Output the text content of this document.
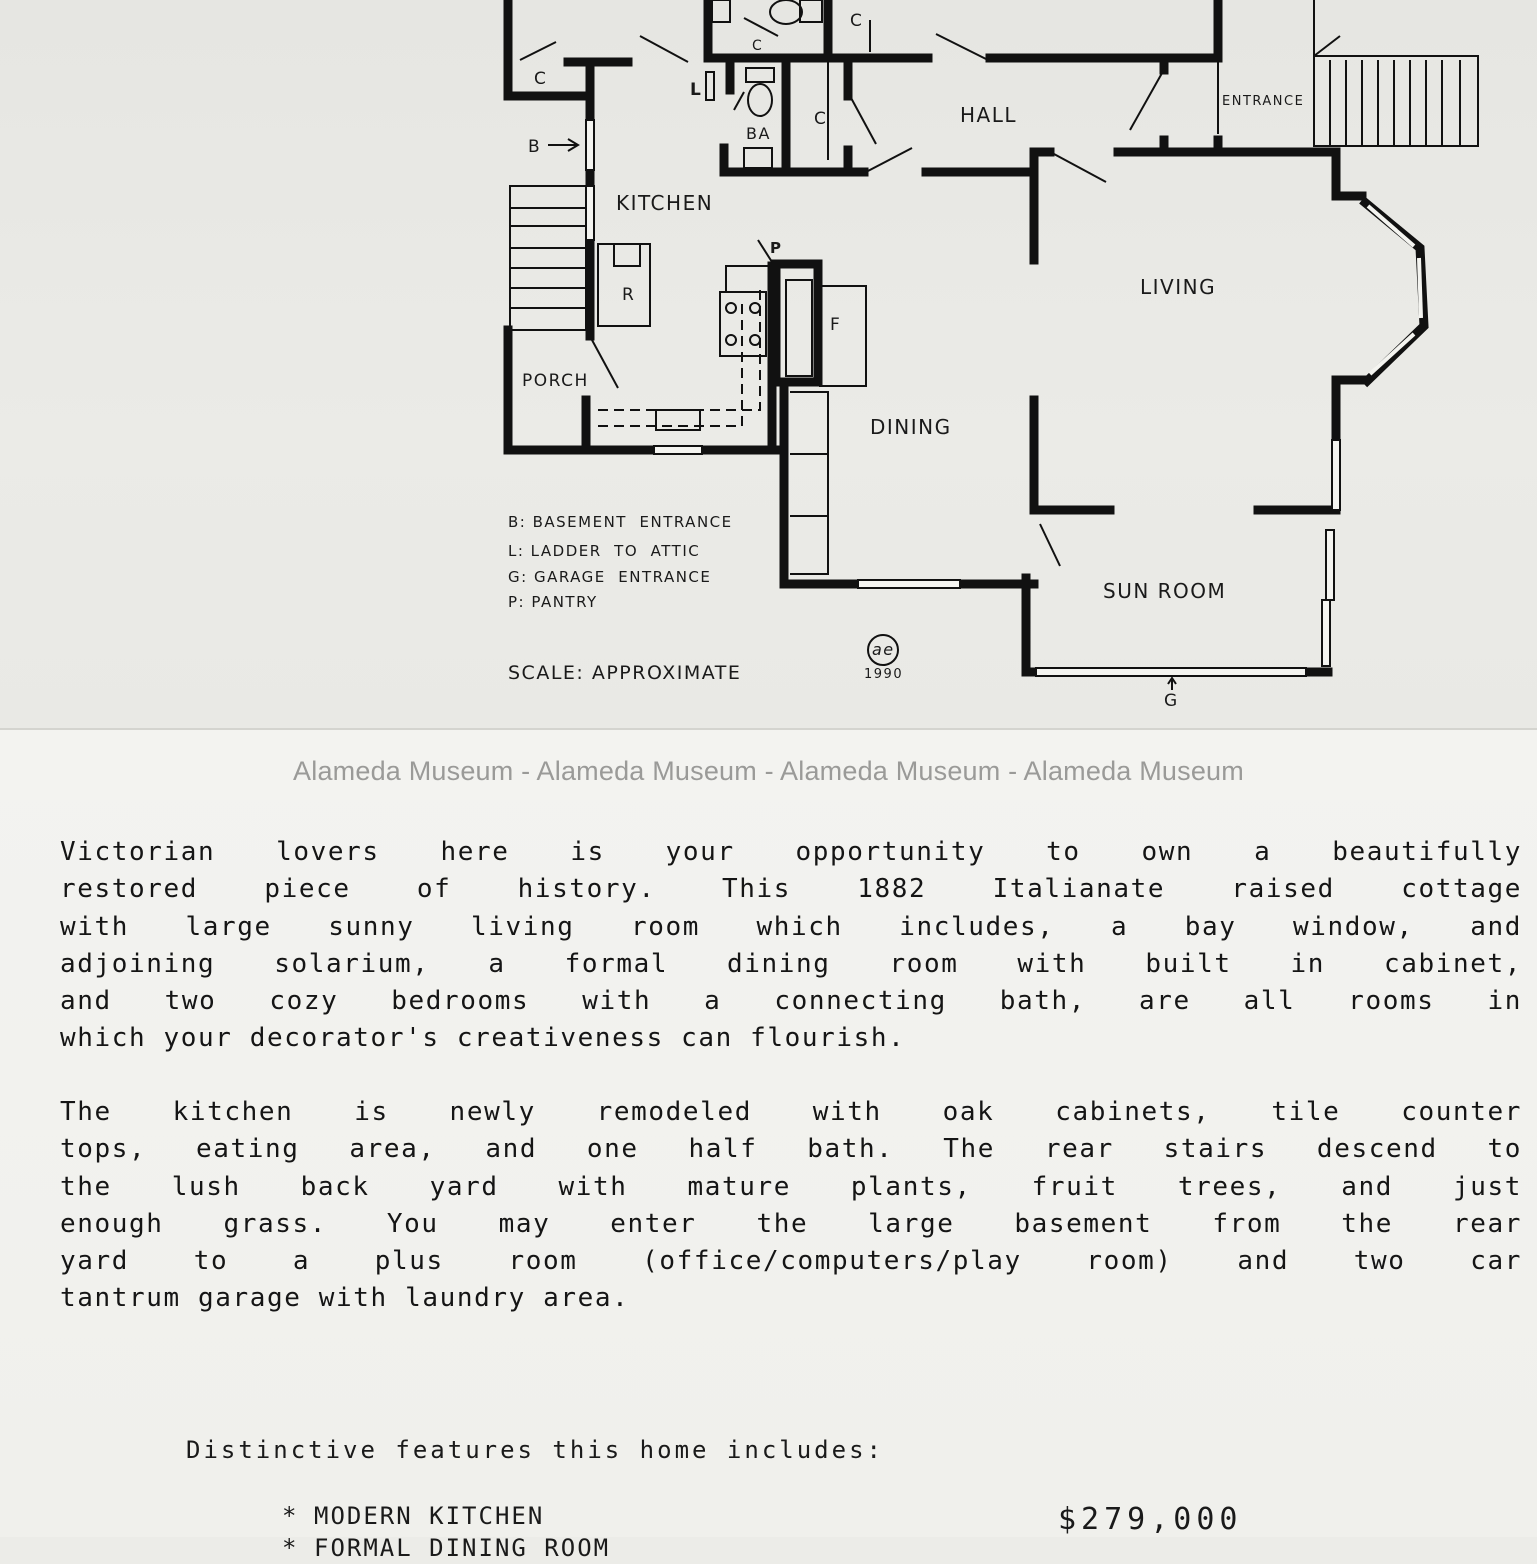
KITCHEN
HALL
LIVING
DINING
SUN ROOM
PORCH
BA
ENTRANCE
C
C
C
C
R
F
P
L
B
G
B: BASEMENT  ENTRANCE
L: LADDER  TO  ATTIC
G: GARAGE  ENTRANCE
P: PANTRY
SCALE: APPROXIMATE
ae
1990
Alameda Museum - Alameda Museum - Alameda Museum - Alameda Museum
Victorian lovers here is your opportunity to own a beautifully
restored piece of history. This 1882 Italianate raised cottage
with large sunny living room which includes, a bay window, and
adjoining solarium, a formal dining room with built in cabinet,
and two cozy bedrooms with a connecting bath, are all rooms in
which your decorator's creativeness can flourish.
The kitchen is newly remodeled with oak cabinets, tile counter
tops, eating area, and one half bath. The rear stairs descend to
the lush back yard with mature plants, fruit trees, and just
enough grass. You may enter the large basement from the rear
yard to a plus room (office/computers/play room) and two car
tantrum garage with laundry area.
Distinctive features this home includes:
* MODERN KITCHEN
* FORMAL DINING ROOM
$279,000
